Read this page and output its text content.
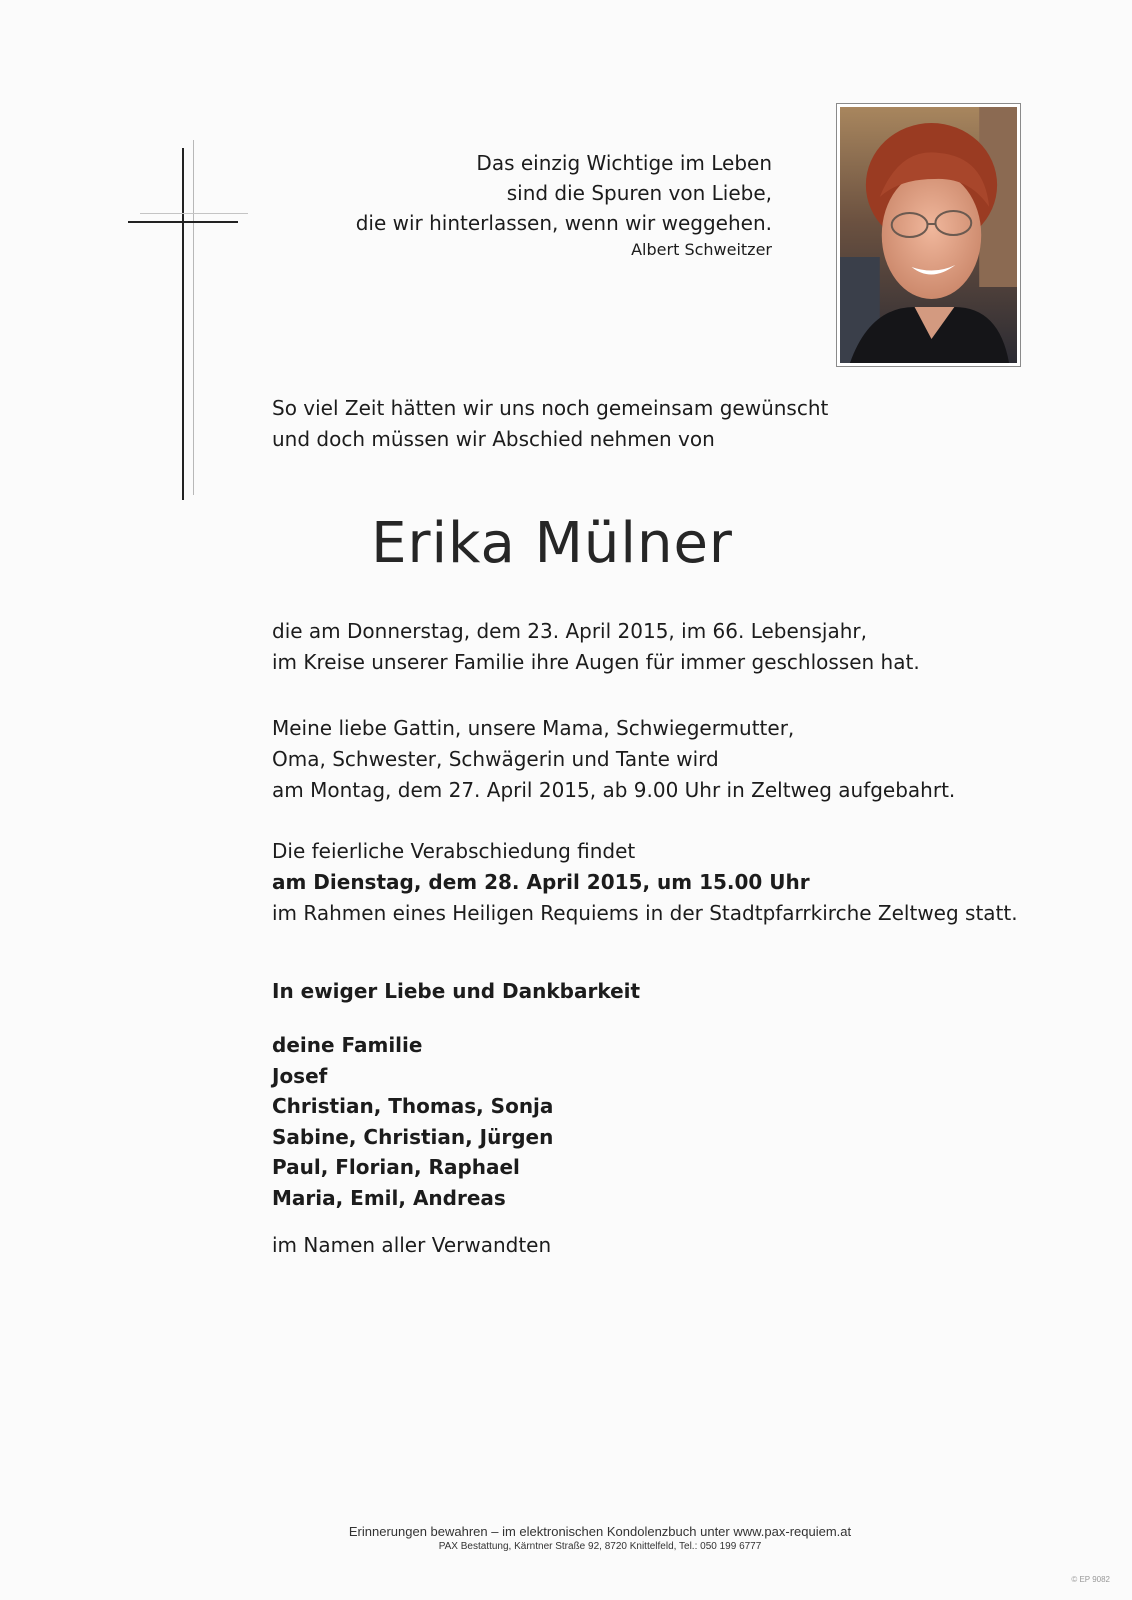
Das einzig Wichtige im Leben
sind die Spuren von Liebe,
die wir hinterlassen, wenn wir weggehen.
Albert Schweitzer
So viel Zeit hätten wir uns noch gemeinsam gewünscht
und doch müssen wir Abschied nehmen von
Erika Mülner
die am Donnerstag, dem 23. April 2015, im 66. Lebensjahr,
im Kreise unserer Familie ihre Augen für immer geschlossen hat.
Meine liebe Gattin, unsere Mama, Schwiegermutter,
Oma, Schwester, Schwägerin und Tante wird
am Montag, dem 27. April 2015, ab 9.00 Uhr in Zeltweg aufgebahrt.
Die feierliche Verabschiedung findet
am Dienstag, dem 28. April 2015, um 15.00 Uhr
im Rahmen eines Heiligen Requiems in der Stadtpfarrkirche Zeltweg statt.
In ewiger Liebe und Dankbarkeit
deine Familie
Josef
Christian, Thomas, Sonja
Sabine, Christian, Jürgen
Paul, Florian, Raphael
Maria, Emil, Andreas
im Namen aller Verwandten
Erinnerungen bewahren – im elektronischen Kondolenzbuch unter www.pax-requiem.at
PAX Bestattung, Kärntner Straße 92, 8720 Knittelfeld, Tel.: 050 199 6777
© EP 9082
